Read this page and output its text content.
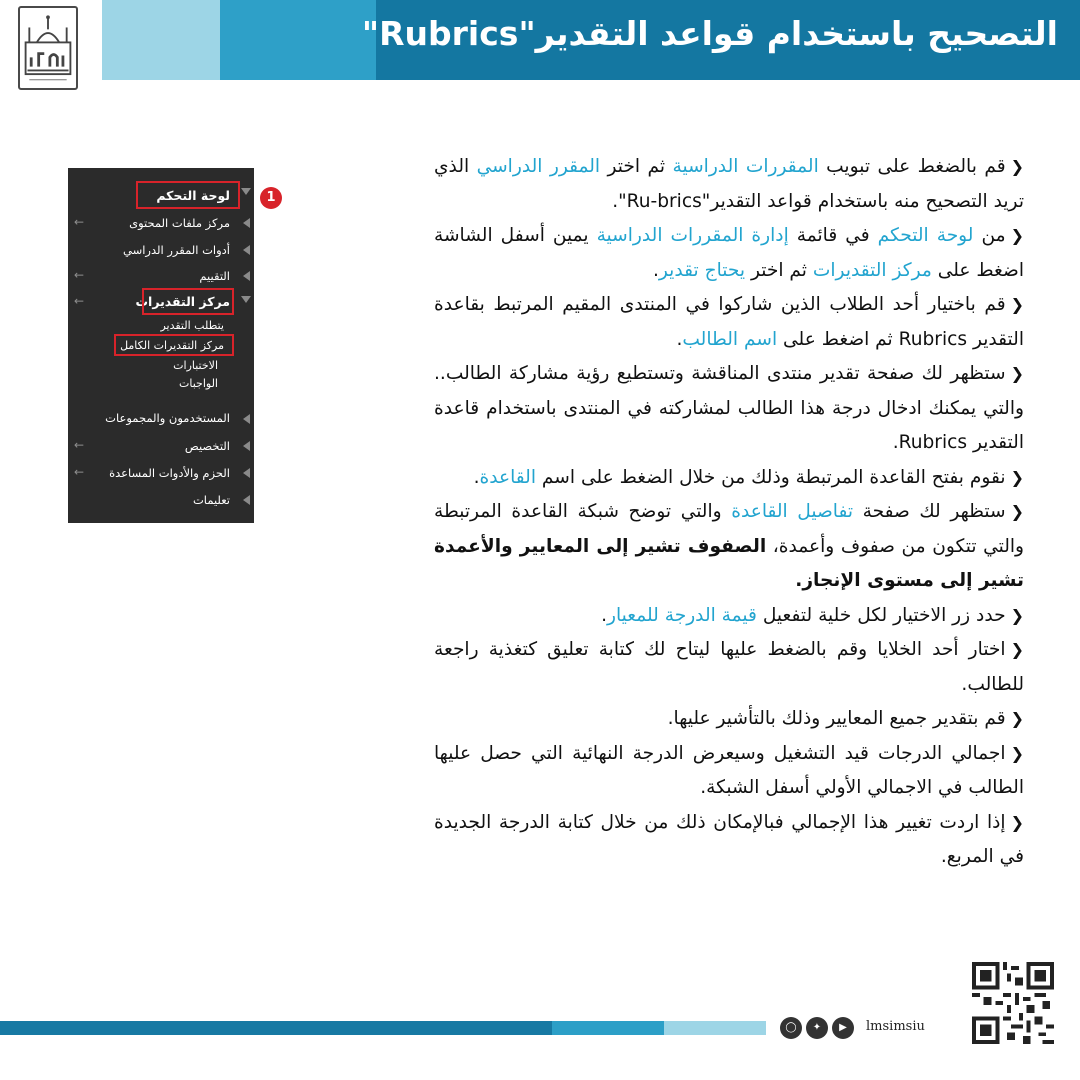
التصحيح باستخدام قواعد التقدير"Rubrics"
لوحة التحكم
←	مركز ملفات المحتوى
أدوات المقرر الدراسي
←	التقييم
←	مركز التقديرات
يتطلب التقدير
مركز التقديرات الكامل
الاختبارات
الواجبات
المستخدمون والمجموعات
←	التخصيص
← الحزم والأدوات المساعدة
تعليمات
1

❮قم بالضغط على تبويب المقررات الدراسية ثم اختر المقرر الدراسي الذي تريد التصحيح منه باستخدام قواعد التقدير"Ru-brics".

❮من لوحة التحكم في قائمة إدارة المقررات الدراسية يمين أسفل الشاشة اضغط على مركز التقديرات ثم اختر يحتاج تقدير.

❮قم باختيار أحد الطلاب الذين شاركوا في المنتدى المقيم المرتبط بقاعدة التقدير Rubrics ثم اضغط على اسم الطالب.

❮ستظهر لك صفحة تقدير منتدى المناقشة وتستطيع رؤية مشاركة الطالب.. والتي يمكنك ادخال درجة هذا الطالب لمشاركته في المنتدى باستخدام قاعدة التقدير Rubrics.

❮نقوم بفتح القاعدة المرتبطة وذلك من خلال الضغط على اسم القاعدة.

❮ستظهر لك صفحة تفاصيل القاعدة والتي توضح شبكة القاعدة المرتبطة والتي تتكون من صفوف وأعمدة، الصفوف تشير إلى المعايير والأعمدة تشير إلى مستوى الإنجاز.

❮حدد زر الاختيار لكل خلية لتفعيل قيمة الدرجة للمعيار.

❮اختار أحد الخلايا وقم بالضغط عليها ليتاح لك كتابة تعليق كتغذية راجعة للطالب.

❮قم بتقدير جميع المعايير وذلك بالتأشير عليها.

❮اجمالي الدرجات قيد التشغيل وسيعرض الدرجة النهائية التي حصل عليها الطالب في الاجمالي الأولي أسفل الشبكة.

❮إذا اردت تغيير هذا الإجمالي فبالإمكان ذلك من خلال كتابة الدرجة الجديدة في المربع.

◯	✦	▶	lmsimsiu
